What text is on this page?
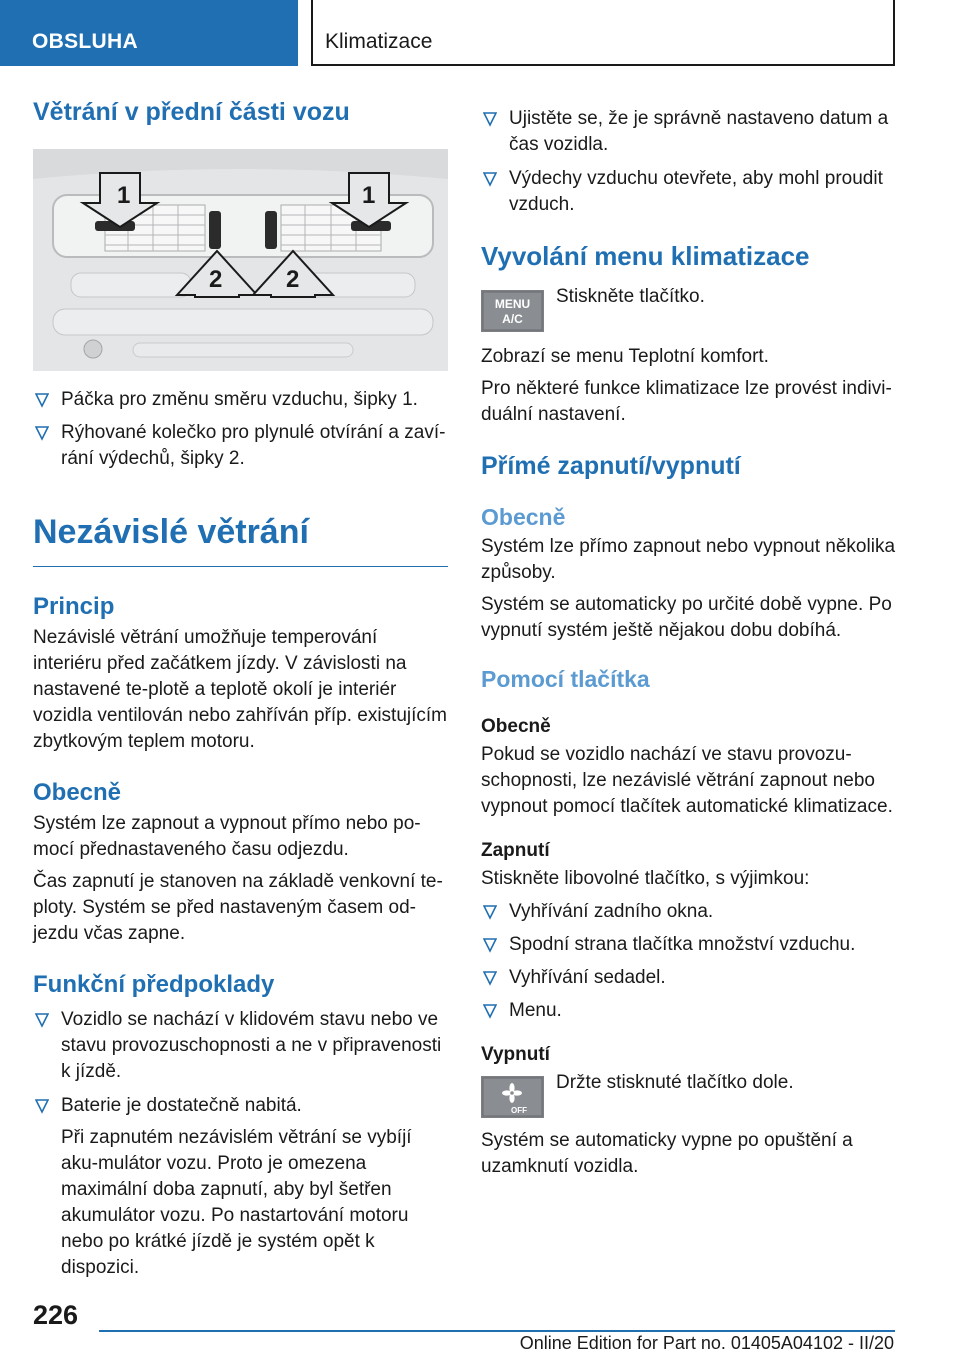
OBSLUHA	Klimatizace
Větrání v přední části vozu
1	1
2	2
Páčka pro změnu směru vzduchu, šipky 1.
Rýhované kolečko pro plynulé otvírání a zaví-rání výdechů, šipky 2.
Nezávislé větrání
Princip

Nezávislé větrání umožňuje temperování interiéru před začátkem jízdy. V závislosti na nastavené te-plotě a teplotě okolí je interiér vozidla ventilován nebo zahříván příp. existujícím zbytkovým teplem motoru.

Obecně

Systém lze zapnout a vypnout přímo nebo po-mocí přednastaveného času odjezdu.

Čas zapnutí je stanoven na základě venkovní te-ploty. Systém se před nastaveným časem od-jezdu včas zapne.

Funkční předpoklady
Vozidlo se nachází v klidovém stavu nebo ve stavu provozuschopnosti a ne v připravenosti k jízdě.
Baterie je dostatečně nabitá.

Při zapnutém nezávislém větrání se vybíjí aku-mulátor vozu. Proto je omezena maximální doba zapnutí, aby byl šetřen akumulátor vozu. Po nastartování motoru nebo po krátké jízdě je systém opět k dispozici.

Ujistěte se, že je správně nastaveno datum a čas vozidla.
Výdechy vzduchu otevřete, aby mohl proudit vzduch.
Vyvolání menu klimatizace
MENU
A/C

Stiskněte tlačítko.

Zobrazí se menu Teplotní komfort.

Pro některé funkce klimatizace lze provést indivi-duální nastavení.

Přímé zapnutí/vypnutí
Obecně

Systém lze přímo zapnout nebo vypnout několika způsoby.

Systém se automaticky po určité době vypne. Po vypnutí systém ještě nějakou dobu dobíhá.

Pomocí tlačítka
Obecně

Pokud se vozidlo nachází ve stavu provozu-schopnosti, lze nezávislé větrání zapnout nebo vypnout pomocí tlačítek automatické klimatizace.

Zapnutí

Stiskněte libovolné tlačítko, s výjimkou:

Vyhřívání zadního okna.
Spodní strana tlačítka množství vzduchu.
Vyhřívání sedadel.
Menu.
Vypnutí
OFF

Držte stisknuté tlačítko dole.

Systém se automaticky vypne po opuštění a uzamknutí vozidla.

226
Online Edition for Part no. 01405A04102 - II/20
